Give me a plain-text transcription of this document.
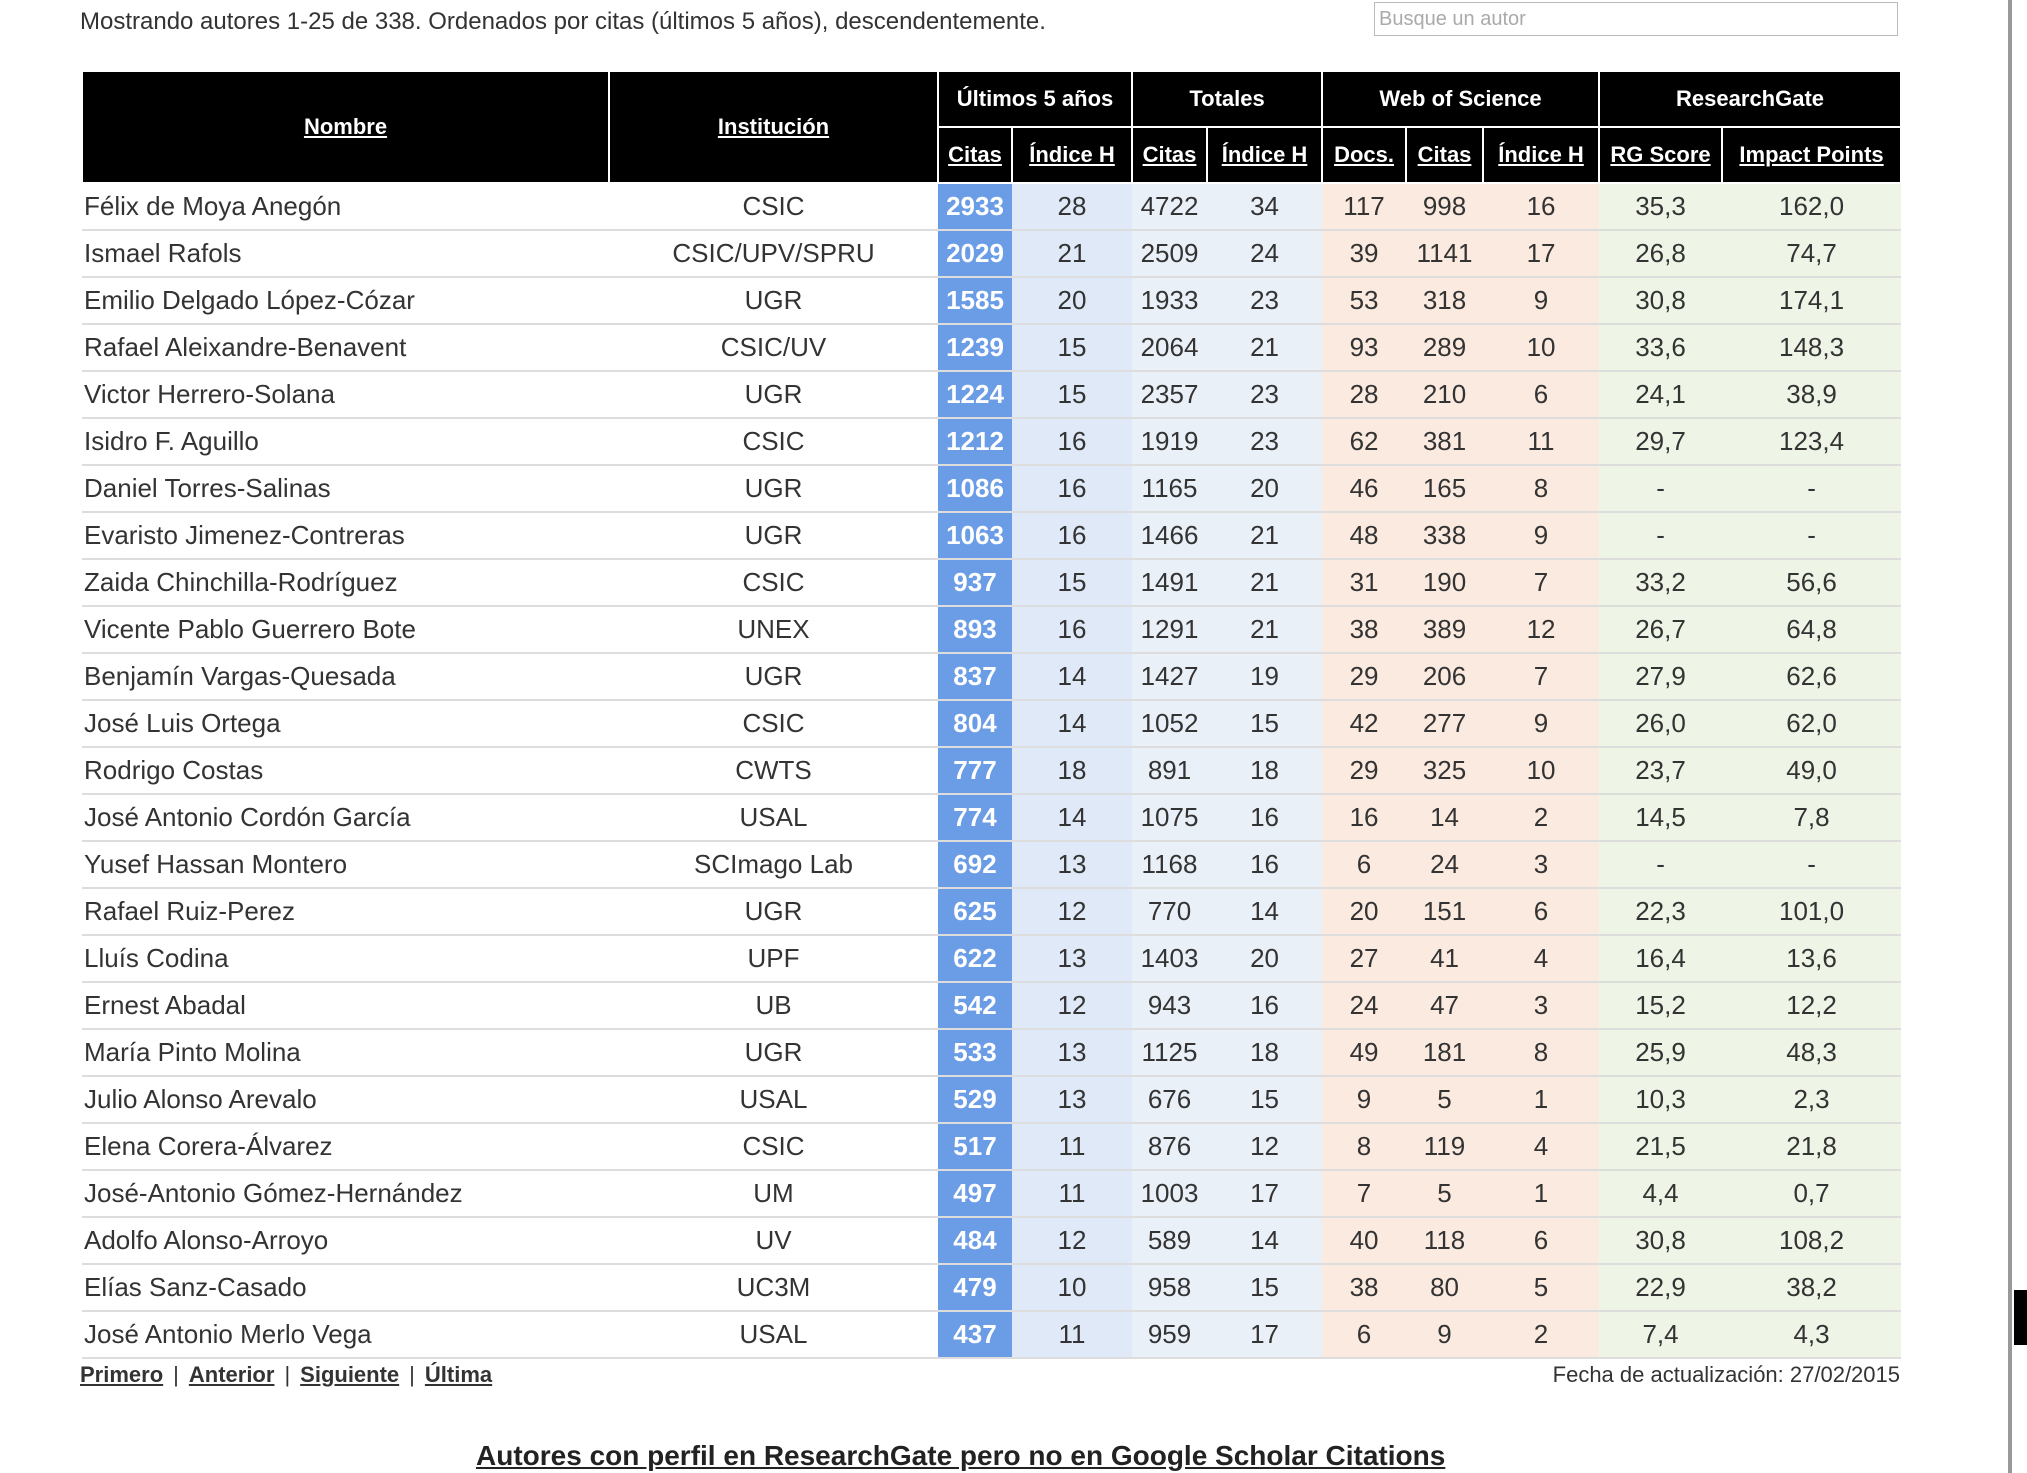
Mostrando autores 1-25 de 338. Ordenados por citas (últimos 5 años), descendentemente.
Busque un autor
Nombre	Institución	Últimos 5 años		Totales		Web of Science			ResearchGate	
		Citas	Índice H	Citas	Índice H	Docs.	Citas	Índice H	RG Score	Impact Points
Félix de Moya Anegón	CSIC	2933	28	4722	34	117	998	16	35,3	162,0
Ismael Rafols	CSIC/UPV/SPRU	2029	21	2509	24	39	1141	17	26,8	74,7
Emilio Delgado López-Cózar	UGR	1585	20	1933	23	53	318	9	30,8	174,1
Rafael Aleixandre-Benavent	CSIC/UV	1239	15	2064	21	93	289	10	33,6	148,3
Victor Herrero-Solana	UGR	1224	15	2357	23	28	210	6	24,1	38,9
Isidro F. Aguillo	CSIC	1212	16	1919	23	62	381	11	29,7	123,4
Daniel Torres-Salinas	UGR	1086	16	1165	20	46	165	8	-	-
Evaristo Jimenez-Contreras	UGR	1063	16	1466	21	48	338	9	-	-
Zaida Chinchilla-Rodríguez	CSIC	937	15	1491	21	31	190	7	33,2	56,6
Vicente Pablo Guerrero Bote	UNEX	893	16	1291	21	38	389	12	26,7	64,8
Benjamín Vargas-Quesada	UGR	837	14	1427	19	29	206	7	27,9	62,6
José Luis Ortega	CSIC	804	14	1052	15	42	277	9	26,0	62,0
Rodrigo Costas	CWTS	777	18	891	18	29	325	10	23,7	49,0
José Antonio Cordón García	USAL	774	14	1075	16	16	14	2	14,5	7,8
Yusef Hassan Montero	SCImago Lab	692	13	1168	16	6	24	3	-	-
Rafael Ruiz-Perez	UGR	625	12	770	14	20	151	6	22,3	101,0
Lluís Codina	UPF	622	13	1403	20	27	41	4	16,4	13,6
Ernest Abadal	UB	542	12	943	16	24	47	3	15,2	12,2
María Pinto Molina	UGR	533	13	1125	18	49	181	8	25,9	48,3
Julio Alonso Arevalo	USAL	529	13	676	15	9	5	1	10,3	2,3
Elena Corera-Álvarez	CSIC	517	11	876	12	8	119	4	21,5	21,8
José-Antonio Gómez-Hernández	UM	497	11	1003	17	7	5	1	4,4	0,7
Adolfo Alonso-Arroyo	UV	484	12	589	14	40	118	6	30,8	108,2
Elías Sanz-Casado	UC3M	479	10	958	15	38	80	5	22,9	38,2
José Antonio Merlo Vega	USAL	437	11	959	17	6	9	2	7,4	4,3
Primero | Anterior | Siguiente | Última	Fecha de actualización: 27/02/2015
Autores con perfil en ResearchGate pero no en Google Scholar Citations
